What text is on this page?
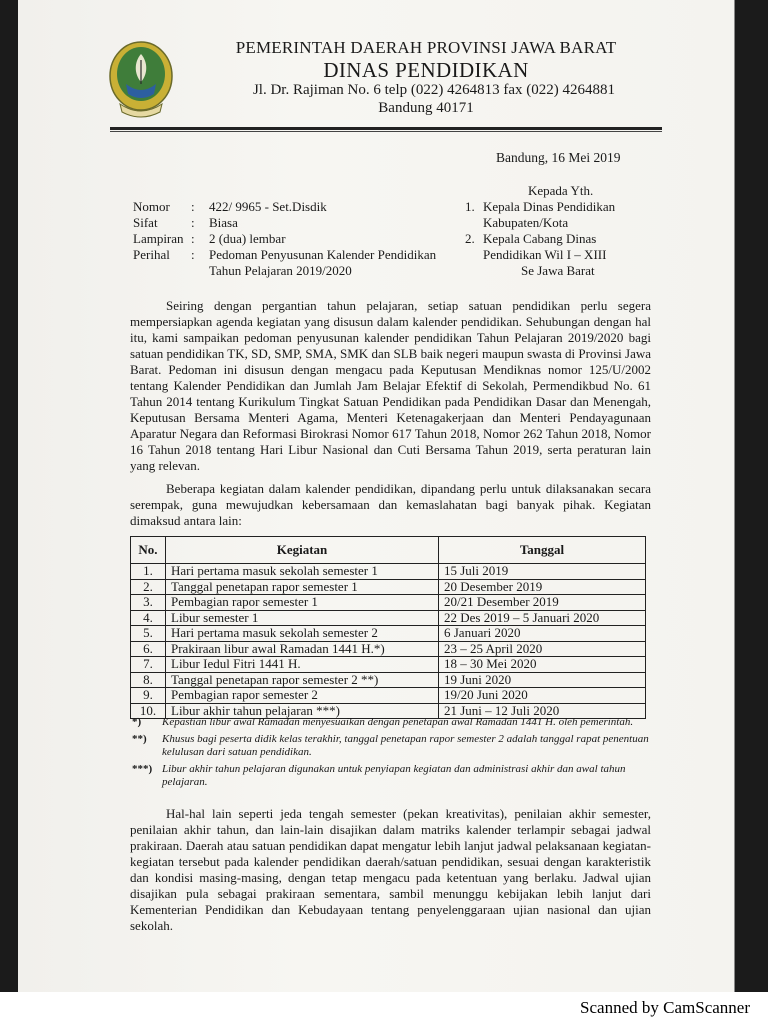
PEMERINTAH DAERAH PROVINSI JAWA BARAT
DINAS PENDIDIKAN
Jl. Dr. Rajiman No. 6 telp (022) 4264813 fax (022) 4264881
Bandung 40171
Bandung, 16 Mei 2019
Kepada Yth.
1. Kepala Dinas Pendidikan
Kabupaten/Kota
2. Kepala Cabang Dinas
Pendidikan Wil I – XIII
Se Jawa Barat
Nomor	:	422/ 9965 - Set.Disdik
Sifat	:	Biasa
Lampiran :	2 (dua) lembar
Perihal	:	Pedoman Penyusunan Kalender Pendidikan Tahun Pelajaran 2019/2020
Seiring dengan pergantian tahun pelajaran, setiap satuan pendidikan perlu segera mempersiapkan agenda kegiatan yang disusun dalam kalender pendidikan. Sehubungan dengan hal itu, kami sampaikan pedoman penyusunan kalender pendidikan Tahun Pelajaran 2019/2020 bagi satuan pendidikan TK, SD, SMP, SMA, SMK dan SLB baik negeri maupun swasta di Provinsi Jawa Barat. Pedoman ini disusun dengan mengacu pada Keputusan Mendiknas nomor 125/U/2002 tentang Kalender Pendidikan dan Jumlah Jam Belajar Efektif di Sekolah, Permendikbud No. 61 Tahun 2014 tentang Kurikulum Tingkat Satuan Pendidikan pada Pendidikan Dasar dan Menengah, Keputusan Bersama Menteri Agama, Menteri Ketenagakerjaan dan Menteri Pendayagunaan Aparatur Negara dan Reformasi Birokrasi Nomor 617 Tahun 2018, Nomor 262 Tahun 2018, Nomor 16 Tahun 2018 tentang Hari Libur Nasional dan Cuti Bersama Tahun 2019, serta peraturan lain yang relevan.
Beberapa kegiatan dalam kalender pendidikan, dipandang perlu untuk dilaksanakan secara serempak, guna mewujudkan kebersamaan dan kemaslahatan bagi banyak pihak. Kegiatan dimaksud antara lain:
No.	Kegiatan	Tanggal
1.	Hari pertama masuk sekolah semester 1	15 Juli 2019
2.	Tanggal penetapan rapor semester 1	20 Desember 2019
3.	Pembagian rapor semester 1	20/21 Desember 2019
4.	Libur semester 1	22 Des 2019 – 5 Januari 2020
5.	Hari pertama masuk sekolah semester 2	6 Januari 2020
6.	Prakiraan libur awal Ramadan 1441 H.*)	23 – 25 April 2020
7.	Libur Iedul Fitri 1441 H.	18 – 30 Mei 2020
8.	Tanggal penetapan rapor semester 2 **)	19 Juni 2020
9.	Pembagian rapor semester 2	19/20 Juni 2020
10.	Libur akhir tahun pelajaran ***)	21 Juni – 12 Juli 2020
*)	Kepastian libur awal Ramadan menyesuaikan dengan penetapan awal Ramadan 1441 H. oleh pemerintah.
**)	Khusus bagi peserta didik kelas terakhir, tanggal penetapan rapor semester 2 adalah tanggal rapat penentuan kelulusan dari satuan pendidikan.
***) Libur akhir tahun pelajaran digunakan untuk penyiapan kegiatan dan administrasi akhir dan awal tahun pelajaran.
Hal-hal lain seperti jeda tengah semester (pekan kreativitas), penilaian akhir semester, penilaian akhir tahun, dan lain-lain disajikan dalam matriks kalender terlampir sebagai jadwal prakiraan. Daerah atau satuan pendidikan dapat mengatur lebih lanjut jadwal pelaksanaan kegiatan-kegiatan tersebut pada kalender pendidikan daerah/satuan pendidikan, sesuai dengan karakteristik dan kondisi masing-masing, dengan tetap mengacu pada ketentuan yang berlaku. Jadwal ujian disajikan pula sebagai prakiraan sementara, sambil menunggu kebijakan lebih lanjut dari Kementerian Pendidikan dan Kebudayaan tentang penyelenggaraan ujian nasional dan ujian sekolah.
Scanned by CamScanner
